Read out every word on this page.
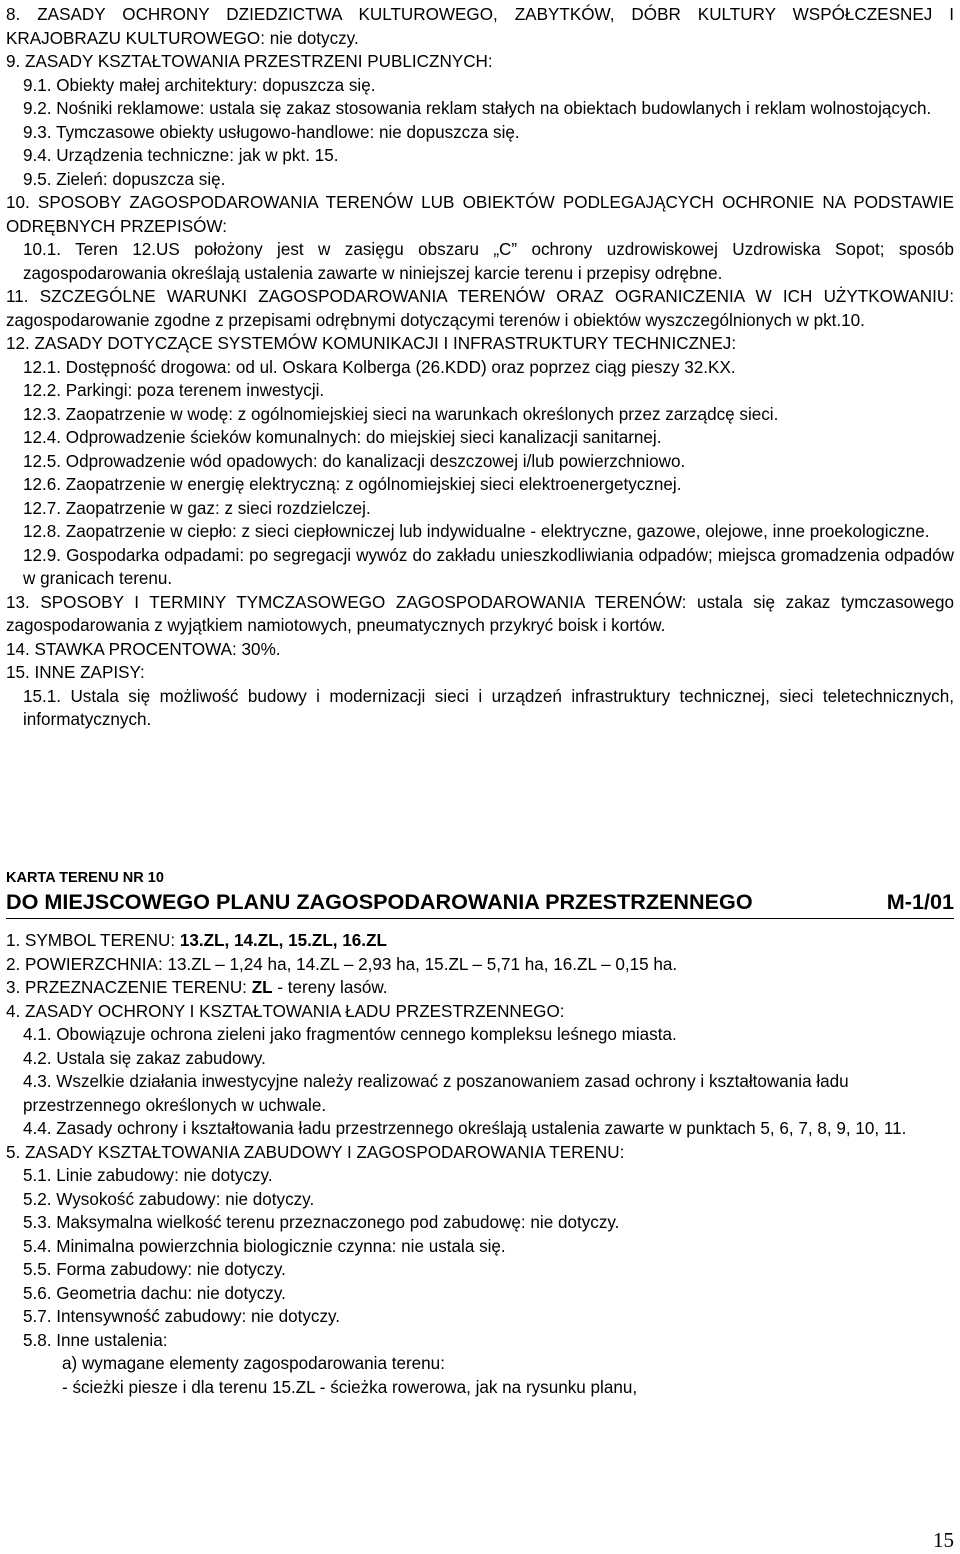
8. ZASADY OCHRONY DZIEDZICTWA KULTUROWEGO, ZABYTKÓW, DÓBR KULTURY WSPÓŁCZESNEJ I KRAJOBRAZU KULTUROWEGO: nie dotyczy.

9. ZASADY KSZTAŁTOWANIA PRZESTRZENI PUBLICZNYCH:

9.1. Obiekty małej architektury: dopuszcza się.

9.2. Nośniki reklamowe: ustala się zakaz stosowania reklam stałych na obiektach budowlanych i reklam wolnostojących.

9.3. Tymczasowe obiekty usługowo-handlowe: nie dopuszcza się.

9.4. Urządzenia techniczne: jak w pkt. 15.

9.5. Zieleń: dopuszcza się.

10. SPOSOBY ZAGOSPODAROWANIA TERENÓW LUB OBIEKTÓW PODLEGAJĄCYCH OCHRONIE NA PODSTAWIE ODRĘBNYCH PRZEPISÓW:

10.1. Teren 12.US położony jest w zasięgu obszaru „C” ochrony uzdrowiskowej Uzdrowiska Sopot; sposób zagospodarowania określają ustalenia zawarte w niniejszej karcie terenu i przepisy odrębne.

11. SZCZEGÓLNE WARUNKI ZAGOSPODAROWANIA TERENÓW ORAZ OGRANICZENIA W ICH UŻYTKOWANIU: zagospodarowanie zgodne z przepisami odrębnymi dotyczącymi terenów i obiektów wyszczególnionych w pkt.10.

12. ZASADY DOTYCZĄCE SYSTEMÓW KOMUNIKACJI I INFRASTRUKTURY TECHNICZNEJ:

12.1. Dostępność drogowa: od ul. Oskara Kolberga (26.KDD) oraz poprzez ciąg pieszy 32.KX.

12.2. Parkingi: poza terenem inwestycji.

12.3. Zaopatrzenie w wodę: z ogólnomiejskiej sieci na warunkach określonych przez zarządcę sieci.

12.4. Odprowadzenie ścieków komunalnych: do miejskiej sieci kanalizacji sanitarnej.

12.5. Odprowadzenie wód opadowych: do kanalizacji deszczowej i/lub powierzchniowo.

12.6. Zaopatrzenie w energię elektryczną: z ogólnomiejskiej sieci elektroenergetycznej.

12.7. Zaopatrzenie w gaz: z sieci rozdzielczej.

12.8. Zaopatrzenie w ciepło: z sieci ciepłowniczej lub indywidualne - elektryczne, gazowe, olejowe, inne proekologiczne.

12.9. Gospodarka odpadami: po segregacji wywóz do zakładu unieszkodliwiania odpadów; miejsca gromadzenia odpadów w granicach terenu.

13. SPOSOBY I TERMINY TYMCZASOWEGO ZAGOSPODAROWANIA TERENÓW: ustala się zakaz tymczasowego zagospodarowania z wyjątkiem namiotowych, pneumatycznych przykryć boisk i kortów.

14. STAWKA PROCENTOWA: 30%.

15. INNE ZAPISY:

15.1. Ustala się możliwość budowy i modernizacji sieci i urządzeń infrastruktury technicznej, sieci teletechnicznych, informatycznych.

KARTA TERENU NR 10
DO MIEJSCOWEGO PLANU ZAGOSPODAROWANIA PRZESTRZENNEGO	M-1/01

1. SYMBOL TERENU: 13.ZL, 14.ZL, 15.ZL, 16.ZL

2. POWIERZCHNIA: 13.ZL – 1,24 ha, 14.ZL – 2,93 ha, 15.ZL – 5,71 ha, 16.ZL – 0,15 ha.

3. PRZEZNACZENIE TERENU: ZL - tereny lasów.

4. ZASADY OCHRONY I KSZTAŁTOWANIA ŁADU PRZESTRZENNEGO:

4.1. Obowiązuje ochrona zieleni jako fragmentów cennego kompleksu leśnego miasta.

4.2. Ustala się zakaz zabudowy.

4.3. Wszelkie działania inwestycyjne należy realizować z poszanowaniem zasad ochrony i kształtowania ładu przestrzennego określonych w uchwale.

4.4. Zasady ochrony i kształtowania ładu przestrzennego określają ustalenia zawarte w punktach 5, 6, 7, 8, 9, 10, 11.

5. ZASADY KSZTAŁTOWANIA ZABUDOWY I ZAGOSPODAROWANIA TERENU:

5.1. Linie zabudowy: nie dotyczy.

5.2. Wysokość zabudowy: nie dotyczy.

5.3. Maksymalna wielkość terenu przeznaczonego pod zabudowę: nie dotyczy.

5.4. Minimalna powierzchnia biologicznie czynna: nie ustala się.

5.5. Forma zabudowy: nie dotyczy.

5.6. Geometria dachu: nie dotyczy.

5.7. Intensywność zabudowy: nie dotyczy.

5.8. Inne ustalenia:

a) wymagane elementy zagospodarowania terenu:

- ścieżki piesze i dla terenu 15.ZL - ścieżka rowerowa, jak na rysunku planu,

15
